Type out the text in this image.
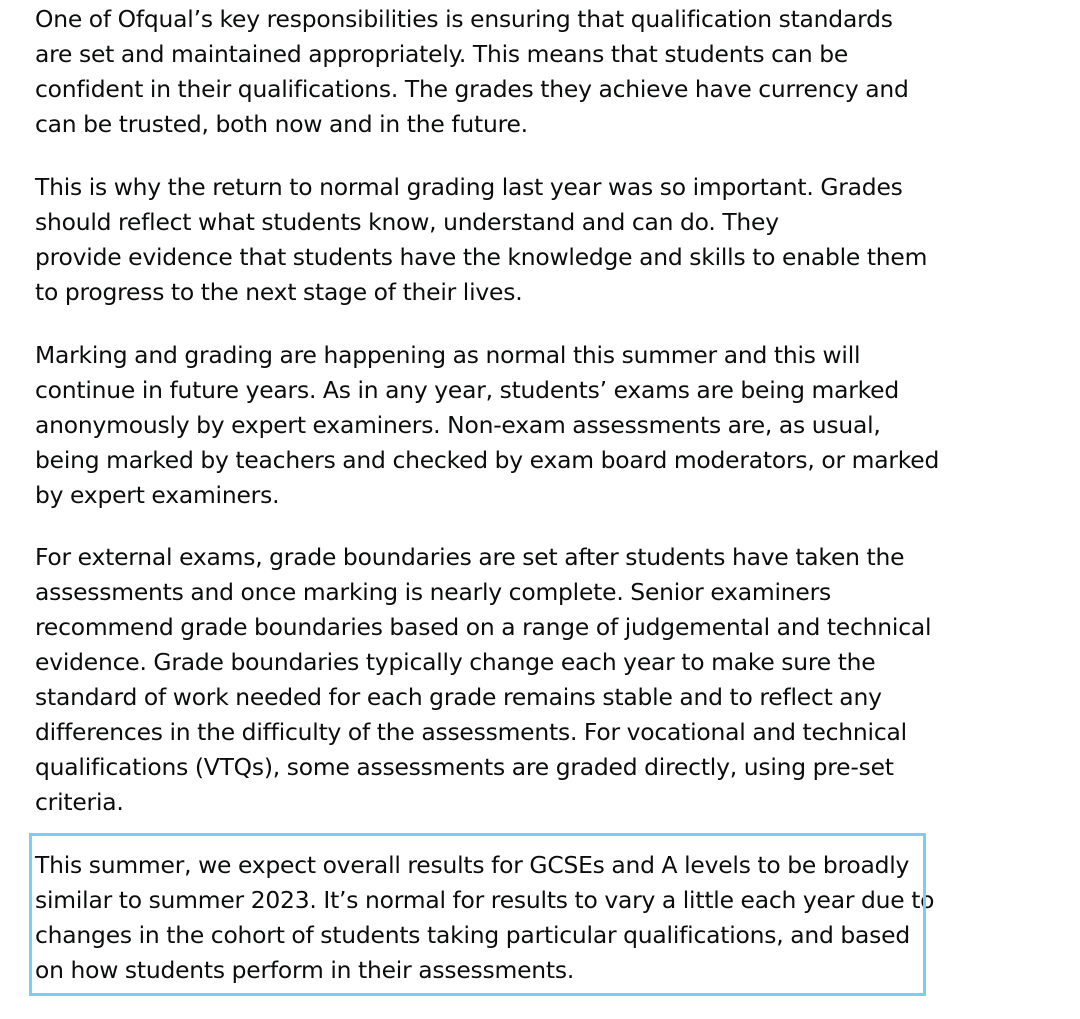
One of Ofqual’s key responsibilities is ensuring that qualification standards
are set and maintained appropriately. This means that students can be
confident in their qualifications. The grades they achieve have currency and
can be trusted, both now and in the future.

This is why the return to normal grading last year was so important. Grades
should reflect what students know, understand and can do. They
provide evidence that students have the knowledge and skills to enable them
to progress to the next stage of their lives.

Marking and grading are happening as normal this summer and this will
continue in future years. As in any year, students’ exams are being marked
anonymously by expert examiners. Non-exam assessments are, as usual,
being marked by teachers and checked by exam board moderators, or marked
by expert examiners.

For external exams, grade boundaries are set after students have taken the
assessments and once marking is nearly complete. Senior examiners
recommend grade boundaries based on a range of judgemental and technical
evidence. Grade boundaries typically change each year to make sure the
standard of work needed for each grade remains stable and to reflect any
differences in the difficulty of the assessments. For vocational and technical
qualifications (VTQs), some assessments are graded directly, using pre-set
criteria.

This summer, we expect overall results for GCSEs and A levels to be broadly
similar to summer 2023. It’s normal for results to vary a little each year due to
changes in the cohort of students taking particular qualifications, and based
on how students perform in their assessments.
